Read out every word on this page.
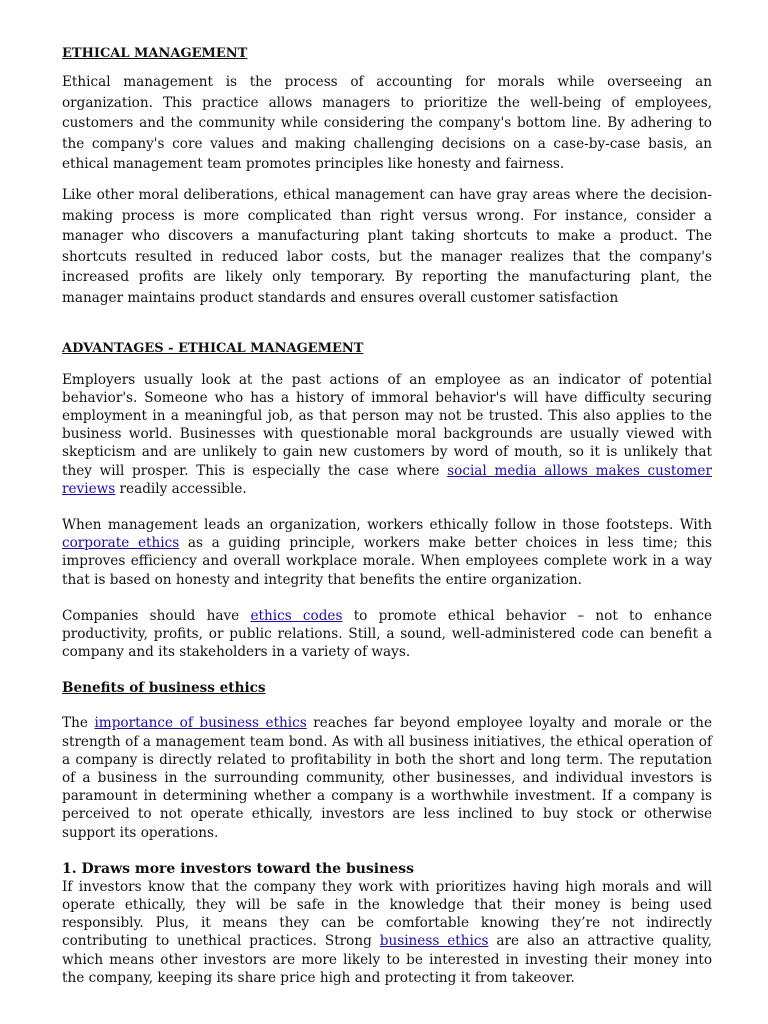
ETHICAL MANAGEMENT

Ethical management is the process of accounting for morals while overseeing an organization. This practice allows managers to prioritize the well-being of employees, customers and the community while considering the company's bottom line. By adhering to the company's core values and making challenging decisions on a case-by-case basis, an ethical management team promotes principles like honesty and fairness.

Like other moral deliberations, ethical management can have gray areas where the decision-making process is more complicated than right versus wrong. For instance, consider a manager who discovers a manufacturing plant taking shortcuts to make a product. The shortcuts resulted in reduced labor costs, but the manager realizes that the company's increased profits are likely only temporary. By reporting the manufacturing plant, the manager maintains product standards and ensures overall customer satisfaction

ADVANTAGES - ETHICAL MANAGEMENT

Employers usually look at the past actions of an employee as an indicator of potential behavior's. Someone who has a history of immoral behavior's will have difficulty securing employment in a meaningful job, as that person may not be trusted. This also applies to the business world. Businesses with questionable moral backgrounds are usually viewed with skepticism and are unlikely to gain new customers by word of mouth, so it is unlikely that they will prosper. This is especially the case where social media allows makes customer reviews readily accessible.

When management leads an organization, workers ethically follow in those footsteps. With corporate ethics as a guiding principle, workers make better choices in less time; this improves efficiency and overall workplace morale. When employees complete work in a way that is based on honesty and integrity that benefits the entire organization.

Companies should have ethics codes to promote ethical behavior – not to enhance productivity, profits, or public relations. Still, a sound, well-administered code can benefit a company and its stakeholders in a variety of ways.

Benefits of business ethics

The importance of business ethics reaches far beyond employee loyalty and morale or the strength of a management team bond. As with all business initiatives, the ethical operation of a company is directly related to profitability in both the short and long term. The reputation of a business in the surrounding community, other businesses, and individual investors is paramount in determining whether a company is a worthwhile investment. If a company is perceived to not operate ethically, investors are less inclined to buy stock or otherwise support its operations.

1. Draws more investors toward the business

If investors know that the company they work with prioritizes having high morals and will operate ethically, they will be safe in the knowledge that their money is being used responsibly. Plus, it means they can be comfortable knowing they’re not indirectly contributing to unethical practices. Strong business ethics are also an attractive quality, which means other investors are more likely to be interested in investing their money into the company, keeping its share price high and protecting it from takeover.
